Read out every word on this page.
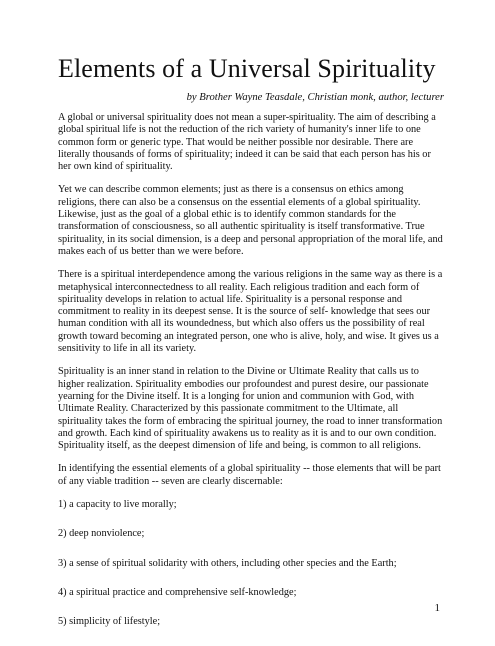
Elements of a Universal Spirituality
by Brother Wayne Teasdale, Christian monk, author, lecturer

A global or universal spirituality does not mean a super-spirituality. The aim of describing a global spiritual life is not the reduction of the rich variety of humanity's inner life to one common form or generic type. That would be neither possible nor desirable. There are literally thousands of forms of spirituality; indeed it can be said that each person has his or her own kind of spirituality.

Yet we can describe common elements; just as there is a consensus on ethics among religions, there can also be a consensus on the essential elements of a global spirituality. Likewise, just as the goal of a global ethic is to identify common standards for the transformation of consciousness, so all authentic spirituality is itself transformative. True spirituality, in its social dimension, is a deep and personal appropriation of the moral life, and makes each of us better than we were before.

There is a spiritual interdependence among the various religions in the same way as there is a metaphysical interconnectedness to all reality. Each religious tradition and each form of spirituality develops in relation to actual life. Spirituality is a personal response and commitment to reality in its deepest sense. It is the source of self- knowledge that sees our human condition with all its woundedness, but which also offers us the possibility of real growth toward becoming an integrated person, one who is alive, holy, and wise. It gives us a sensitivity to life in all its variety.

Spirituality is an inner stand in relation to the Divine or Ultimate Reality that calls us to higher realization. Spirituality embodies our profoundest and purest desire, our passionate yearning for the Divine itself. It is a longing for union and communion with God, with Ultimate Reality. Characterized by this passionate commitment to the Ultimate, all spirituality takes the form of embracing the spiritual journey, the road to inner transformation and growth. Each kind of spirituality awakens us to reality as it is and to our own condition. Spirituality itself, as the deepest dimension of life and being, is common to all religions.

In identifying the essential elements of a global spirituality -- those elements that will be part of any viable tradition -- seven are clearly discernable:

1) a capacity to live morally;
2) deep nonviolence;
3) a sense of spiritual solidarity with others, including other species and the Earth;
4) a spiritual practice and comprehensive self-knowledge;
5) simplicity of lifestyle;
1
